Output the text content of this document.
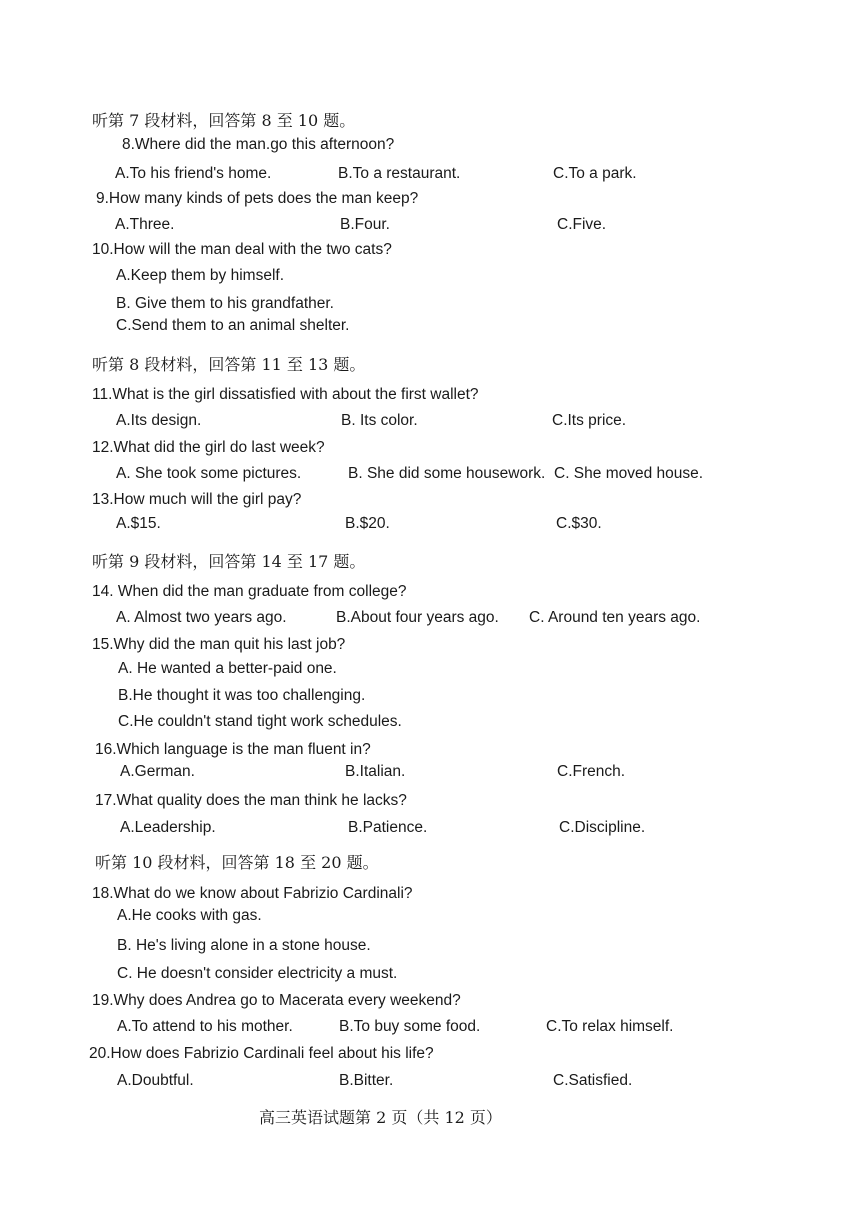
听第 7 段材料，回答第 8 至 10 题。
8.Where did the man.go this afternoon?
A.To his friend's home.	B.To a restaurant.	C.To a park.
9.How many kinds of pets does the man keep?
A.Three.	B.Four.	C.Five.
10.How will the man deal with the two cats?
A.Keep them by himself.
B. Give them to his grandfather.
C.Send them to an animal shelter.
听第 8 段材料，回答第 11 至 13 题。
11.What is the girl dissatisfied with about the first wallet?
A.Its design.	B. Its color.	C.Its price.
12.What did the girl do last week?
A. She took some pictures.	B. She did some housework. C. She moved house.
13.How much will the girl pay?
A.$15.	B.$20.	C.$30.
听第 9 段材料，回答第 14 至 17 题。
14. When did the man graduate from college?
A. Almost two years ago.	B.About four years ago. C. Around ten years ago.
15.Why did the man quit his last job?
A. He wanted a better-paid one.
B.He thought it was too challenging.
C.He couldn't stand tight work schedules.
16.Which language is the man fluent in?
A.German.	B.Italian.	C.French.
17.What quality does the man think he lacks?
A.Leadership.	B.Patience.	C.Discipline.
听第 10 段材料，回答第 18 至 20 题。
18.What do we know about Fabrizio Cardinali?
A.He cooks with gas.
B. He's living alone in a stone house.
C. He doesn't consider electricity a must.
19.Why does Andrea go to Macerata every weekend?
A.To attend to his mother.	B.To buy some food.	C.To relax himself.
20.How does Fabrizio Cardinali feel about his life?
A.Doubtful.	B.Bitter.	C.Satisfied.
高三英语试题第 2 页（共 12 页）
